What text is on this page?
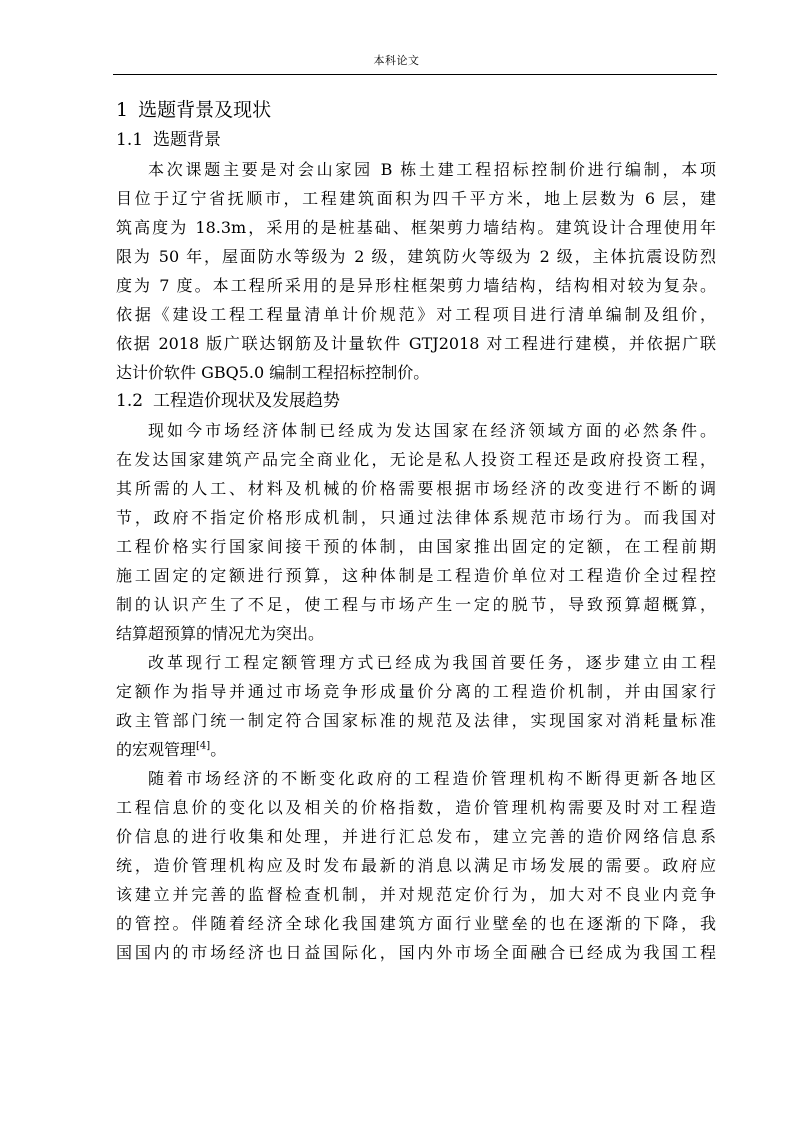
本科论文
1 选题背景及现状
1.1 选题背景
本次课题主要是对会山家园 B 栋土建工程招标控制价进行编制，本项
目位于辽宁省抚顺市，工程建筑面积为四千平方米，地上层数为 6 层，建
筑高度为 18.3m，采用的是桩基础、框架剪力墙结构。建筑设计合理使用年
限为 50 年，屋面防水等级为 2 级，建筑防火等级为 2 级，主体抗震设防烈
度为 7 度。本工程所采用的是异形柱框架剪力墙结构，结构相对较为复杂。
依据《建设工程工程量清单计价规范》对工程项目进行清单编制及组价，
依据 2018 版广联达钢筋及计量软件 GTJ2018 对工程进行建模，并依据广联
达计价软件 GBQ5.0 编制工程招标控制价。
1.2 工程造价现状及发展趋势
现如今市场经济体制已经成为发达国家在经济领域方面的必然条件。
在发达国家建筑产品完全商业化，无论是私人投资工程还是政府投资工程，
其所需的人工、材料及机械的价格需要根据市场经济的改变进行不断的调
节，政府不指定价格形成机制，只通过法律体系规范市场行为。而我国对
工程价格实行国家间接干预的体制，由国家推出固定的定额，在工程前期
施工固定的定额进行预算，这种体制是工程造价单位对工程造价全过程控
制的认识产生了不足，使工程与市场产生一定的脱节，导致预算超概算，
结算超预算的情况尤为突出。
改革现行工程定额管理方式已经成为我国首要任务，逐步建立由工程
定额作为指导并通过市场竞争形成量价分离的工程造价机制，并由国家行
政主管部门统一制定符合国家标准的规范及法律，实现国家对消耗量标准
的宏观管理[4]。
随着市场经济的不断变化政府的工程造价管理机构不断得更新各地区
工程信息价的变化以及相关的价格指数，造价管理机构需要及时对工程造
价信息的进行收集和处理，并进行汇总发布，建立完善的造价网络信息系
统，造价管理机构应及时发布最新的消息以满足市场发展的需要。政府应
该建立并完善的监督检查机制，并对规范定价行为，加大对不良业内竞争
的管控。伴随着经济全球化我国建筑方面行业壁垒的也在逐渐的下降，我
国国内的市场经济也日益国际化，国内外市场全面融合已经成为我国工程
